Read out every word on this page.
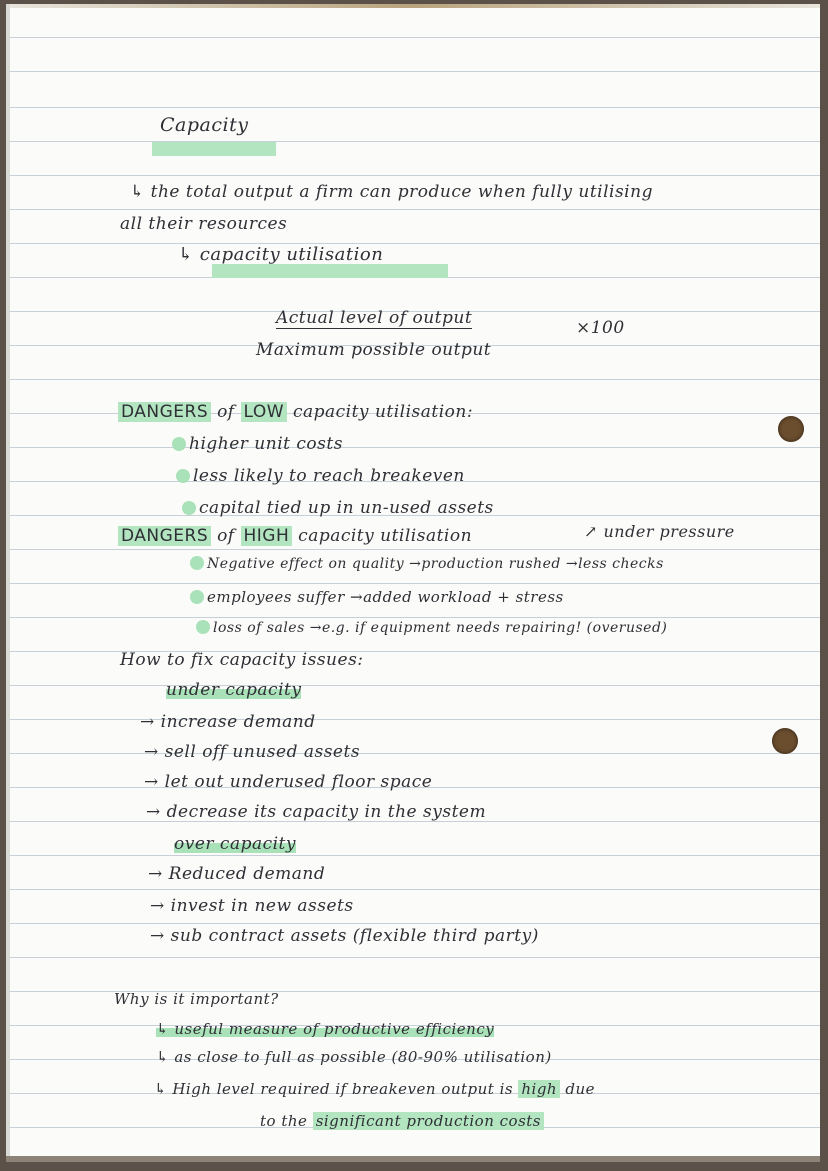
Capacity
↳ the total output a firm can produce when fully utilising
all their resources
↳ capacity utilisation
Actual level of output
Maximum possible output
×100
DANGERS of LOW capacity utilisation:
higher unit costs
less likely to reach breakeven
capital tied up in un-used assets
DANGERS of HIGH capacity utilisation	↗ under pressure
Negative effect on quality →production rushed →less checks
employees suffer →added workload + stress
loss of sales →e.g. if equipment needs repairing! (overused)
How to fix capacity issues:
under capacity
→ increase demand
→ sell off unused assets
→ let out underused floor space
→ decrease its capacity in the system
over capacity
→ Reduced demand
→ invest in new assets
→ sub contract assets (flexible third party)
Why is it important?
↳ useful measure of productive efficiency
↳ as close to full as possible (80-90% utilisation)
↳ High level required if breakeven output is high due
to the significant production costs
